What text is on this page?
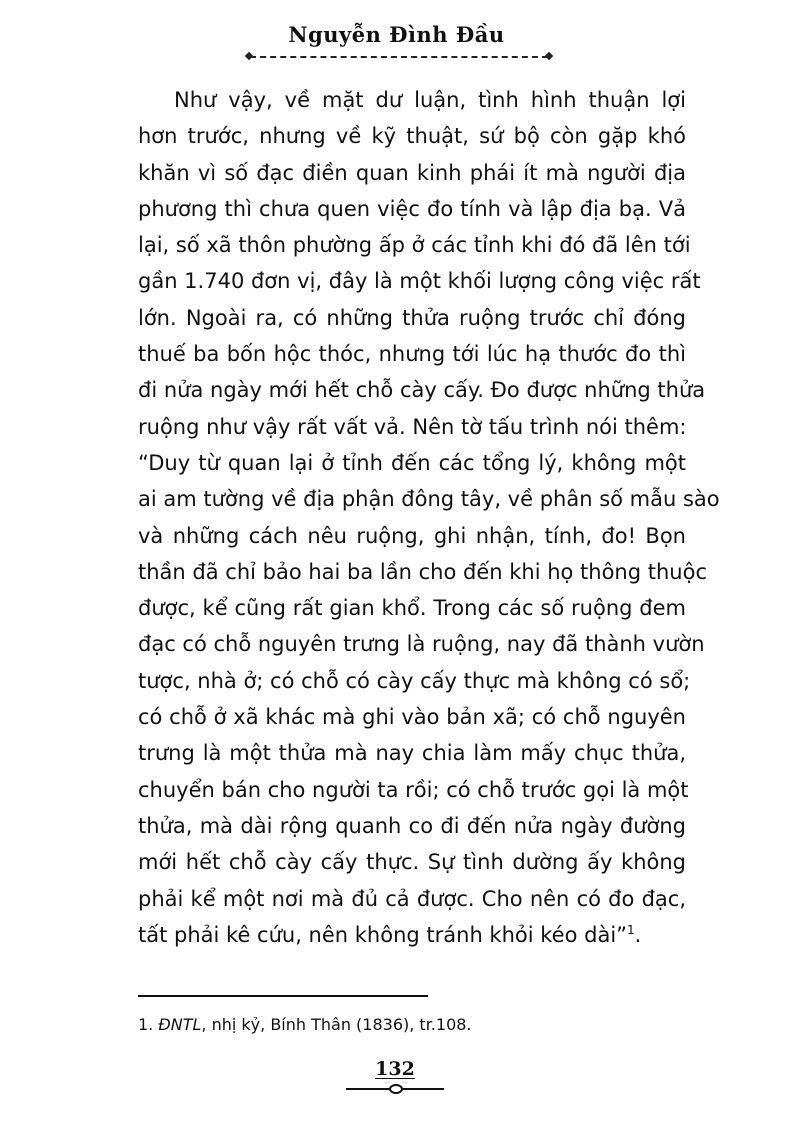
Nguyễn Đình Đầu
Như vậy, về mặt dư luận, tình hình thuận lợi
hơn trước, nhưng về kỹ thuật, sứ bộ còn gặp khó
khăn vì số đạc điền quan kinh phái ít mà người địa
phương thì chưa quen việc đo tính và lập địa bạ. Vả
lại, số xã thôn phường ấp ở các tỉnh khi đó đã lên tới
gần 1.740 đơn vị, đây là một khối lượng công việc rất
lớn. Ngoài ra, có những thửa ruộng trước chỉ đóng
thuế ba bốn hộc thóc, nhưng tới lúc hạ thước đo thì
đi nửa ngày mới hết chỗ cày cấy. Đo được những thửa
ruộng như vậy rất vất vả. Nên tờ tấu trình nói thêm:
“Duy từ quan lại ở tỉnh đến các tổng lý, không một
ai am tường về địa phận đông tây, về phân số mẫu sào
và những cách nêu ruộng, ghi nhận, tính, đo! Bọn
thần đã chỉ bảo hai ba lần cho đến khi họ thông thuộc
được, kể cũng rất gian khổ. Trong các số ruộng đem
đạc có chỗ nguyên trưng là ruộng, nay đã thành vườn
tược, nhà ở; có chỗ có cày cấy thực mà không có sổ;
có chỗ ở xã khác mà ghi vào bản xã; có chỗ nguyên
trưng là một thửa mà nay chia làm mấy chục thửa,
chuyển bán cho người ta rồi; có chỗ trước gọi là một
thửa, mà dài rộng quanh co đi đến nửa ngày đường
mới hết chỗ cày cấy thực. Sự tình dường ấy không
phải kể một nơi mà đủ cả được. Cho nên có đo đạc,
tất phải kê cứu, nên không tránh khỏi kéo dài”$^1$.
1. ĐNTL, nhị kỷ, Bính Thân (1836), tr.108.
132
